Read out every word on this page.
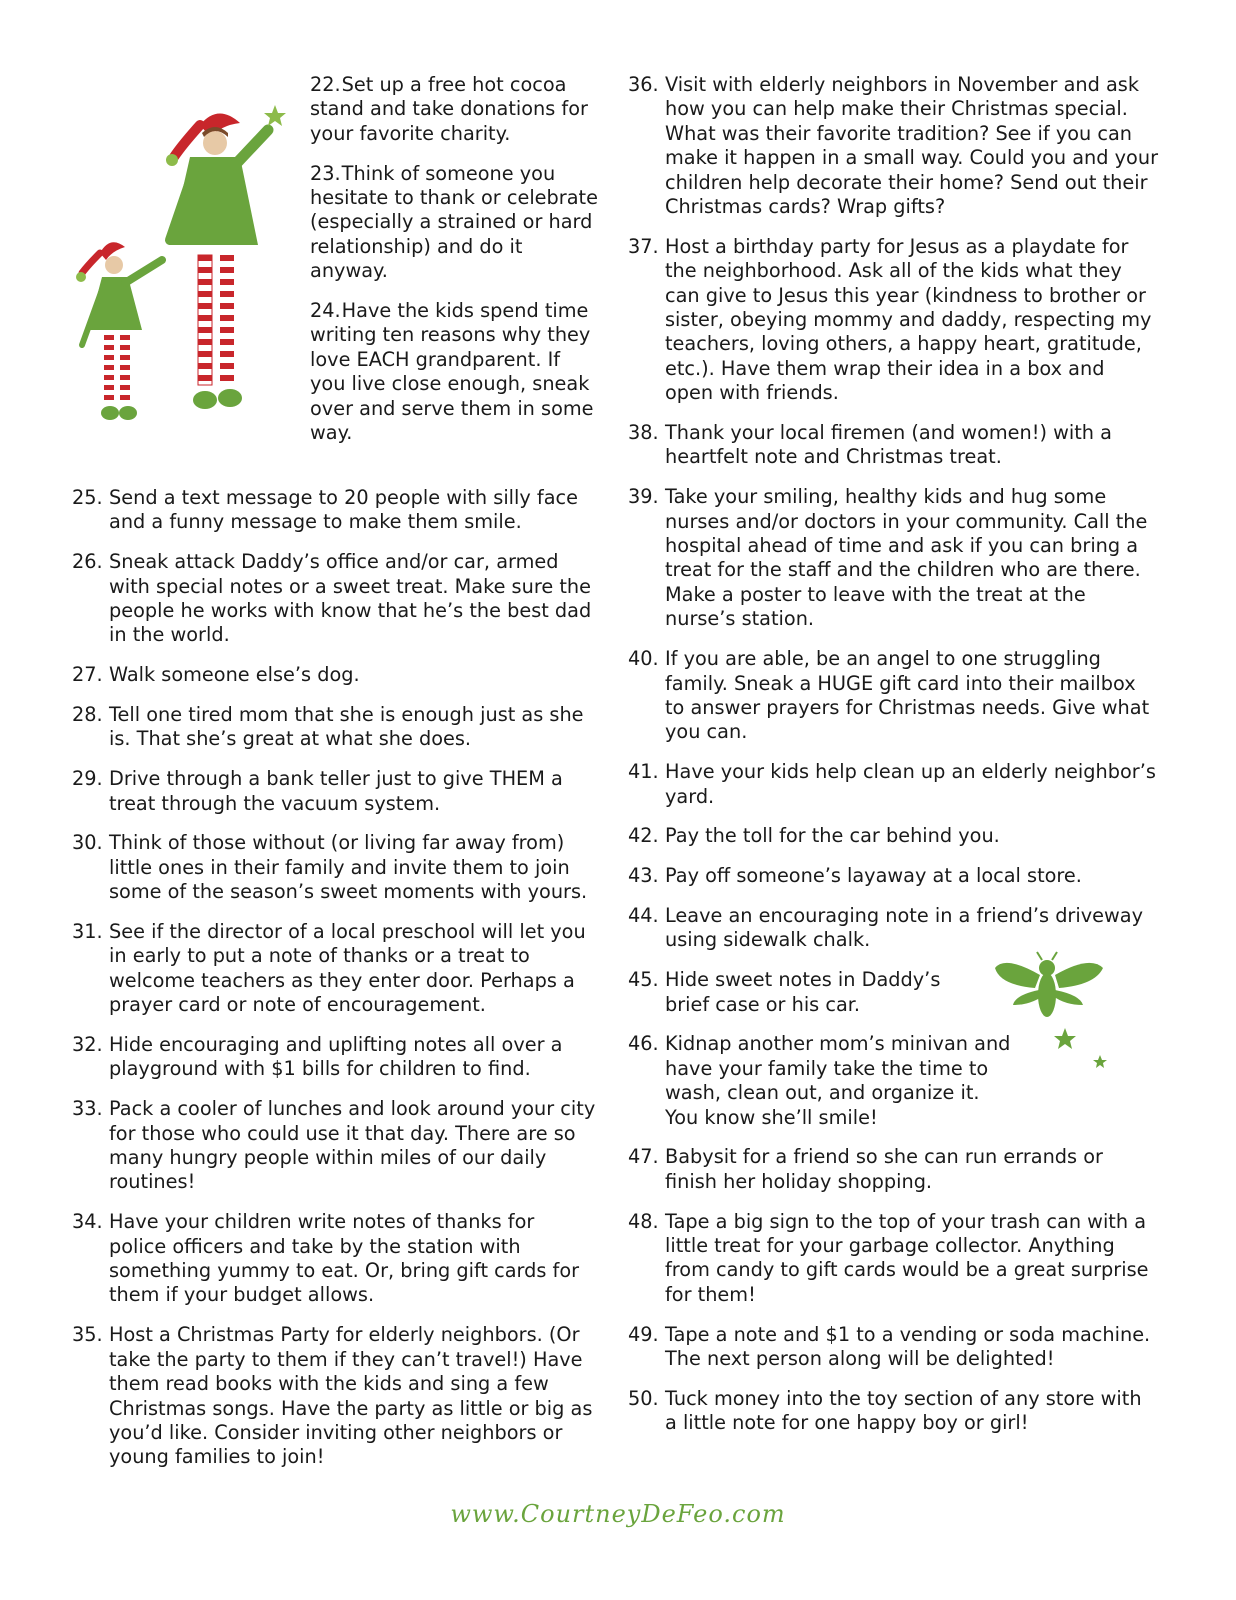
22.Set up a free hot cocoa stand and take donations for your favorite charity.
23.Think of someone you hesitate to thank or celebrate (especially a strained or hard relationship) and do it anyway.
24.Have the kids spend time writing ten reasons why they love EACH grandparent. If you live close enough, sneak over and serve them in some way.
25. Send a text message to 20 people with silly face and a funny message to make them smile.
26. Sneak attack Daddy’s office and/or car, armed with special notes or a sweet treat. Make sure the people he works with know that he’s the best dad in the world.
27. Walk someone else’s dog.
28. Tell one tired mom that she is enough just as she is. That she’s great at what she does.
29. Drive through a bank teller just to give THEM a treat through the vacuum system.
30. Think of those without (or living far away from) little ones in their family and invite them to join some of the season’s sweet moments with yours.
31. See if the director of a local preschool will let you in early to put a note of thanks or a treat to welcome teachers as they enter door. Perhaps a prayer card or note of encouragement.
32. Hide encouraging and uplifting notes all over a playground with $1 bills for children to find.
33. Pack a cooler of lunches and look around your city for those who could use it that day. There are so many hungry people within miles of our daily routines!
34. Have your children write notes of thanks for police officers and take by the station with something yummy to eat. Or, bring gift cards for them if your budget allows.
35. Host a Christmas Party for elderly neighbors. (Or take the party to them if they can’t travel!) Have them read books with the kids and sing a few Christmas songs. Have the party as little or big as you’d like. Consider inviting other neighbors or young families to join!
36. Visit with elderly neighbors in November and ask how you can help make their Christmas special. What was their favorite tradition? See if you can make it happen in a small way. Could you and your children help decorate their home? Send out their Christmas cards? Wrap gifts?
37. Host a birthday party for Jesus as a playdate for the neighborhood. Ask all of the kids what they can give to Jesus this year (kindness to brother or sister, obeying mommy and daddy, respecting my teachers, loving others, a happy heart, gratitude, etc.). Have them wrap their idea in a box and open with friends.
38. Thank your local firemen (and women!) with a heartfelt note and Christmas treat.
39. Take your smiling, healthy kids and hug some nurses and/or doctors in your community. Call the hospital ahead of time and ask if you can bring a treat for the staff and the children who are there. Make a poster to leave with the treat at the nurse’s station.
40. If you are able, be an angel to one struggling family. Sneak a HUGE gift card into their mailbox to answer prayers for Christmas needs. Give what you can.
41. Have your kids help clean up an elderly neighbor’s yard.
42. Pay the toll for the car behind you.
43. Pay off someone’s layaway at a local store.
44. Leave an encouraging note in a friend’s driveway using sidewalk chalk.
45. Hide sweet notes in Daddy’s brief case or his car.
46. Kidnap another mom’s minivan and have your family take the time to wash, clean out, and organize it. You know she’ll smile!
47. Babysit for a friend so she can run errands or finish her holiday shopping.
48. Tape a big sign to the top of your trash can with a little treat for your garbage collector. Anything from candy to gift cards would be a great surprise for them!
49. Tape a note and $1 to a vending or soda machine. The next person along will be delighted!
50. Tuck money into the toy section of any store with a little note for one happy boy or girl!
www.CourtneyDeFeo.com
